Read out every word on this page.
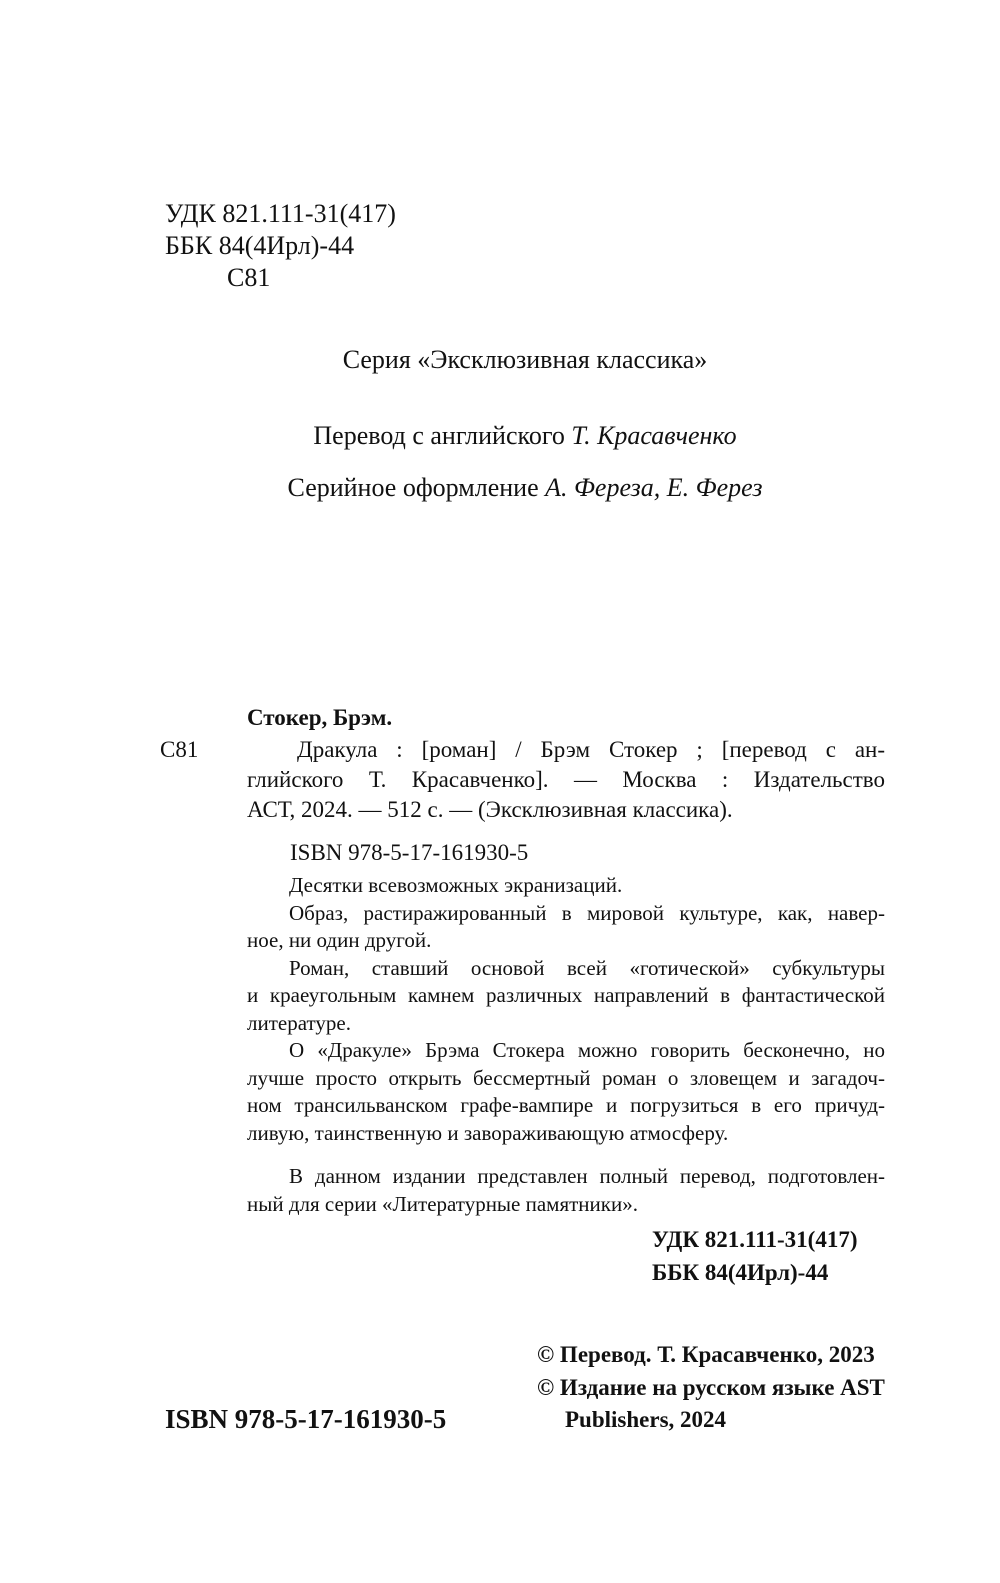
УДК 821.111-31(417)
ББК 84(4Ирл)-44
С81
Серия «Эксклюзивная классика»
Перевод с английского Т. Красавченко
Серийное оформление А. Фереза, Е. Ферез
Стокер, Брэм.
С81	Дракула : [роман] / Брэм Стокер ; [перевод с ан-
глийского Т. Красавченко]. — Москва : Издательство
АСТ, 2024. — 512 с. — (Эксклюзивная классика).
ISBN 978-5-17-161930-5
Десятки всевозможных экранизаций.
Образ, растиражированный в мировой культуре, как, навер-
ное, ни один другой.
Роман, ставший основой всей «готической» субкультуры
и краеугольным камнем различных направлений в фантастической
литературе.
О «Дракуле» Брэма Стокера можно говорить бесконечно, но
лучше просто открыть бессмертный роман о зловещем и загадоч-
ном трансильванском графе-вампире и погрузиться в его причуд-
ливую, таинственную и завораживающую атмосферу.
В данном издании представлен полный перевод, подготовлен-
ный для серии «Литературные памятники».
УДК 821.111-31(417)
ББК 84(4Ирл)-44
© Перевод. Т. Красавченко, 2023
© Издание на русском языке AST
Publishers, 2024
ISBN 978-5-17-161930-5
